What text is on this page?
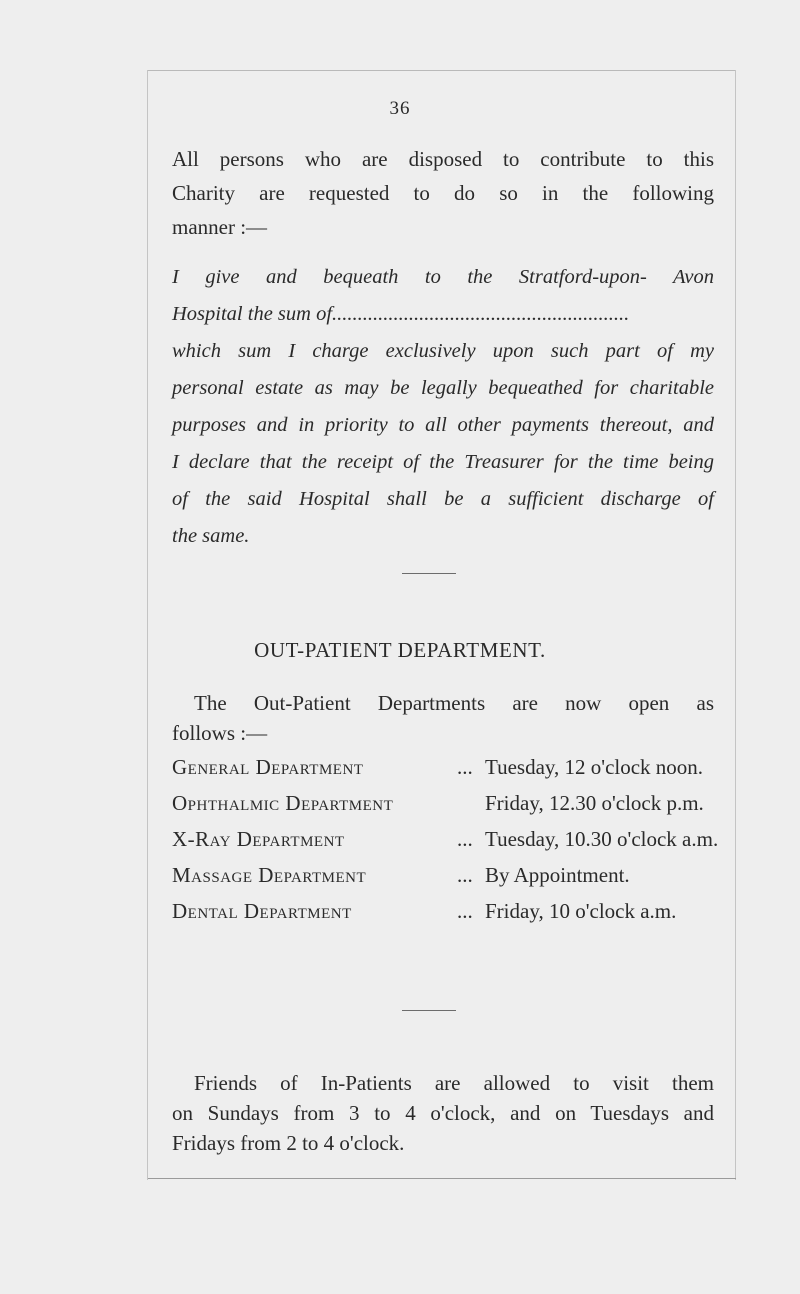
36
All persons who are disposed to contribute to this
Charity are requested to do so in the following
manner :—
I give and bequeath to the Stratford-upon- Avon
Hospital the sum of..........................................................
which sum I charge exclusively upon such part of my
personal estate as may be legally bequeathed for charitable
purposes and in priority to all other payments thereout, and
I declare that the receipt of the Treasurer for the time being
of the said Hospital shall be a sufficient discharge of
the same.
OUT-PATIENT DEPARTMENT.
The Out-Patient Departments are now open as
follows :—
General Department	... Tuesday, 12 o'clock noon.
Ophthalmic Department	Friday, 12.30 o'clock p.m.
X-Ray Department	... Tuesday, 10.30 o'clock a.m.
Massage Department	... By Appointment.
Dental Department	... Friday, 10 o'clock a.m.
Friends of In-Patients are allowed to visit them
on Sundays from 3 to 4 o'clock, and on Tuesdays and
Fridays from 2 to 4 o'clock.
